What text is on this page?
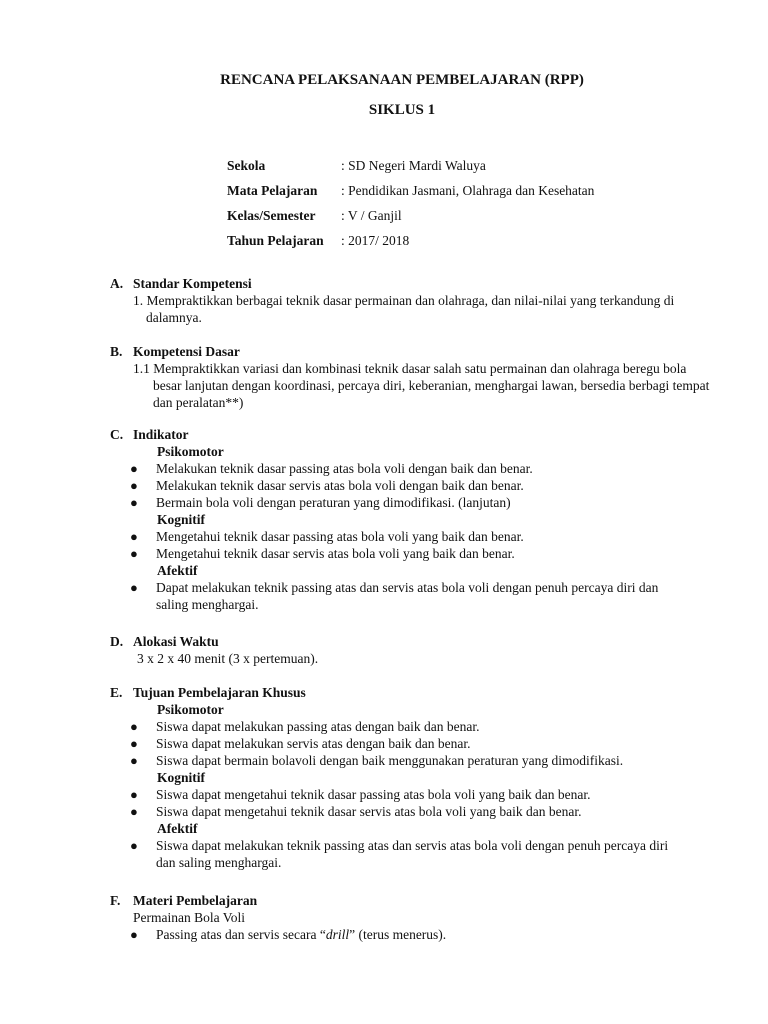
RENCANA PELAKSANAAN PEMBELAJARAN (RPP)
SIKLUS 1
Sekola	: SD Negeri Mardi Waluya
Mata Pelajaran	: Pendidikan Jasmani, Olahraga dan Kesehatan
Kelas/Semester	: V / Ganjil
Tahun Pelajaran	: 2017/ 2018
A. Standar Kompetensi
1. Mempraktikkan berbagai teknik dasar permainan dan olahraga, dan nilai-nilai yang terkandung di dalamnya.
B. Kompetensi Dasar
1.1 Mempraktikkan variasi dan kombinasi teknik dasar salah satu permainan dan olahraga beregu bola besar lanjutan dengan koordinasi, percaya diri, keberanian, menghargai lawan, bersedia berbagi tempat dan peralatan**)
C. Indikator
Psikomotor
● Melakukan teknik dasar passing atas bola voli dengan baik dan benar.
● Melakukan teknik dasar servis atas bola voli dengan baik dan benar.
● Bermain bola voli dengan peraturan yang dimodifikasi. (lanjutan)
Kognitif
● Mengetahui teknik dasar passing atas bola voli yang baik dan benar.
● Mengetahui teknik dasar servis atas bola voli yang baik dan benar.
Afektif
● Dapat melakukan teknik passing atas dan servis atas bola voli dengan penuh percaya diri dan saling menghargai.
D. Alokasi Waktu
3 x 2 x 40 menit (3 x pertemuan).
E. Tujuan Pembelajaran Khusus
Psikomotor
● Siswa dapat melakukan passing atas dengan baik dan benar.
● Siswa dapat melakukan servis atas dengan baik dan benar.
● Siswa dapat bermain bolavoli dengan baik menggunakan peraturan yang dimodifikasi.
Kognitif
● Siswa dapat mengetahui teknik dasar passing atas bola voli yang baik dan benar.
● Siswa dapat mengetahui teknik dasar servis atas bola voli yang baik dan benar.
Afektif
● Siswa dapat melakukan teknik passing atas dan servis atas bola voli dengan penuh percaya diri dan saling menghargai.
F. Materi Pembelajaran
Permainan Bola Voli
● Passing atas dan servis secara “drill” (terus menerus).
